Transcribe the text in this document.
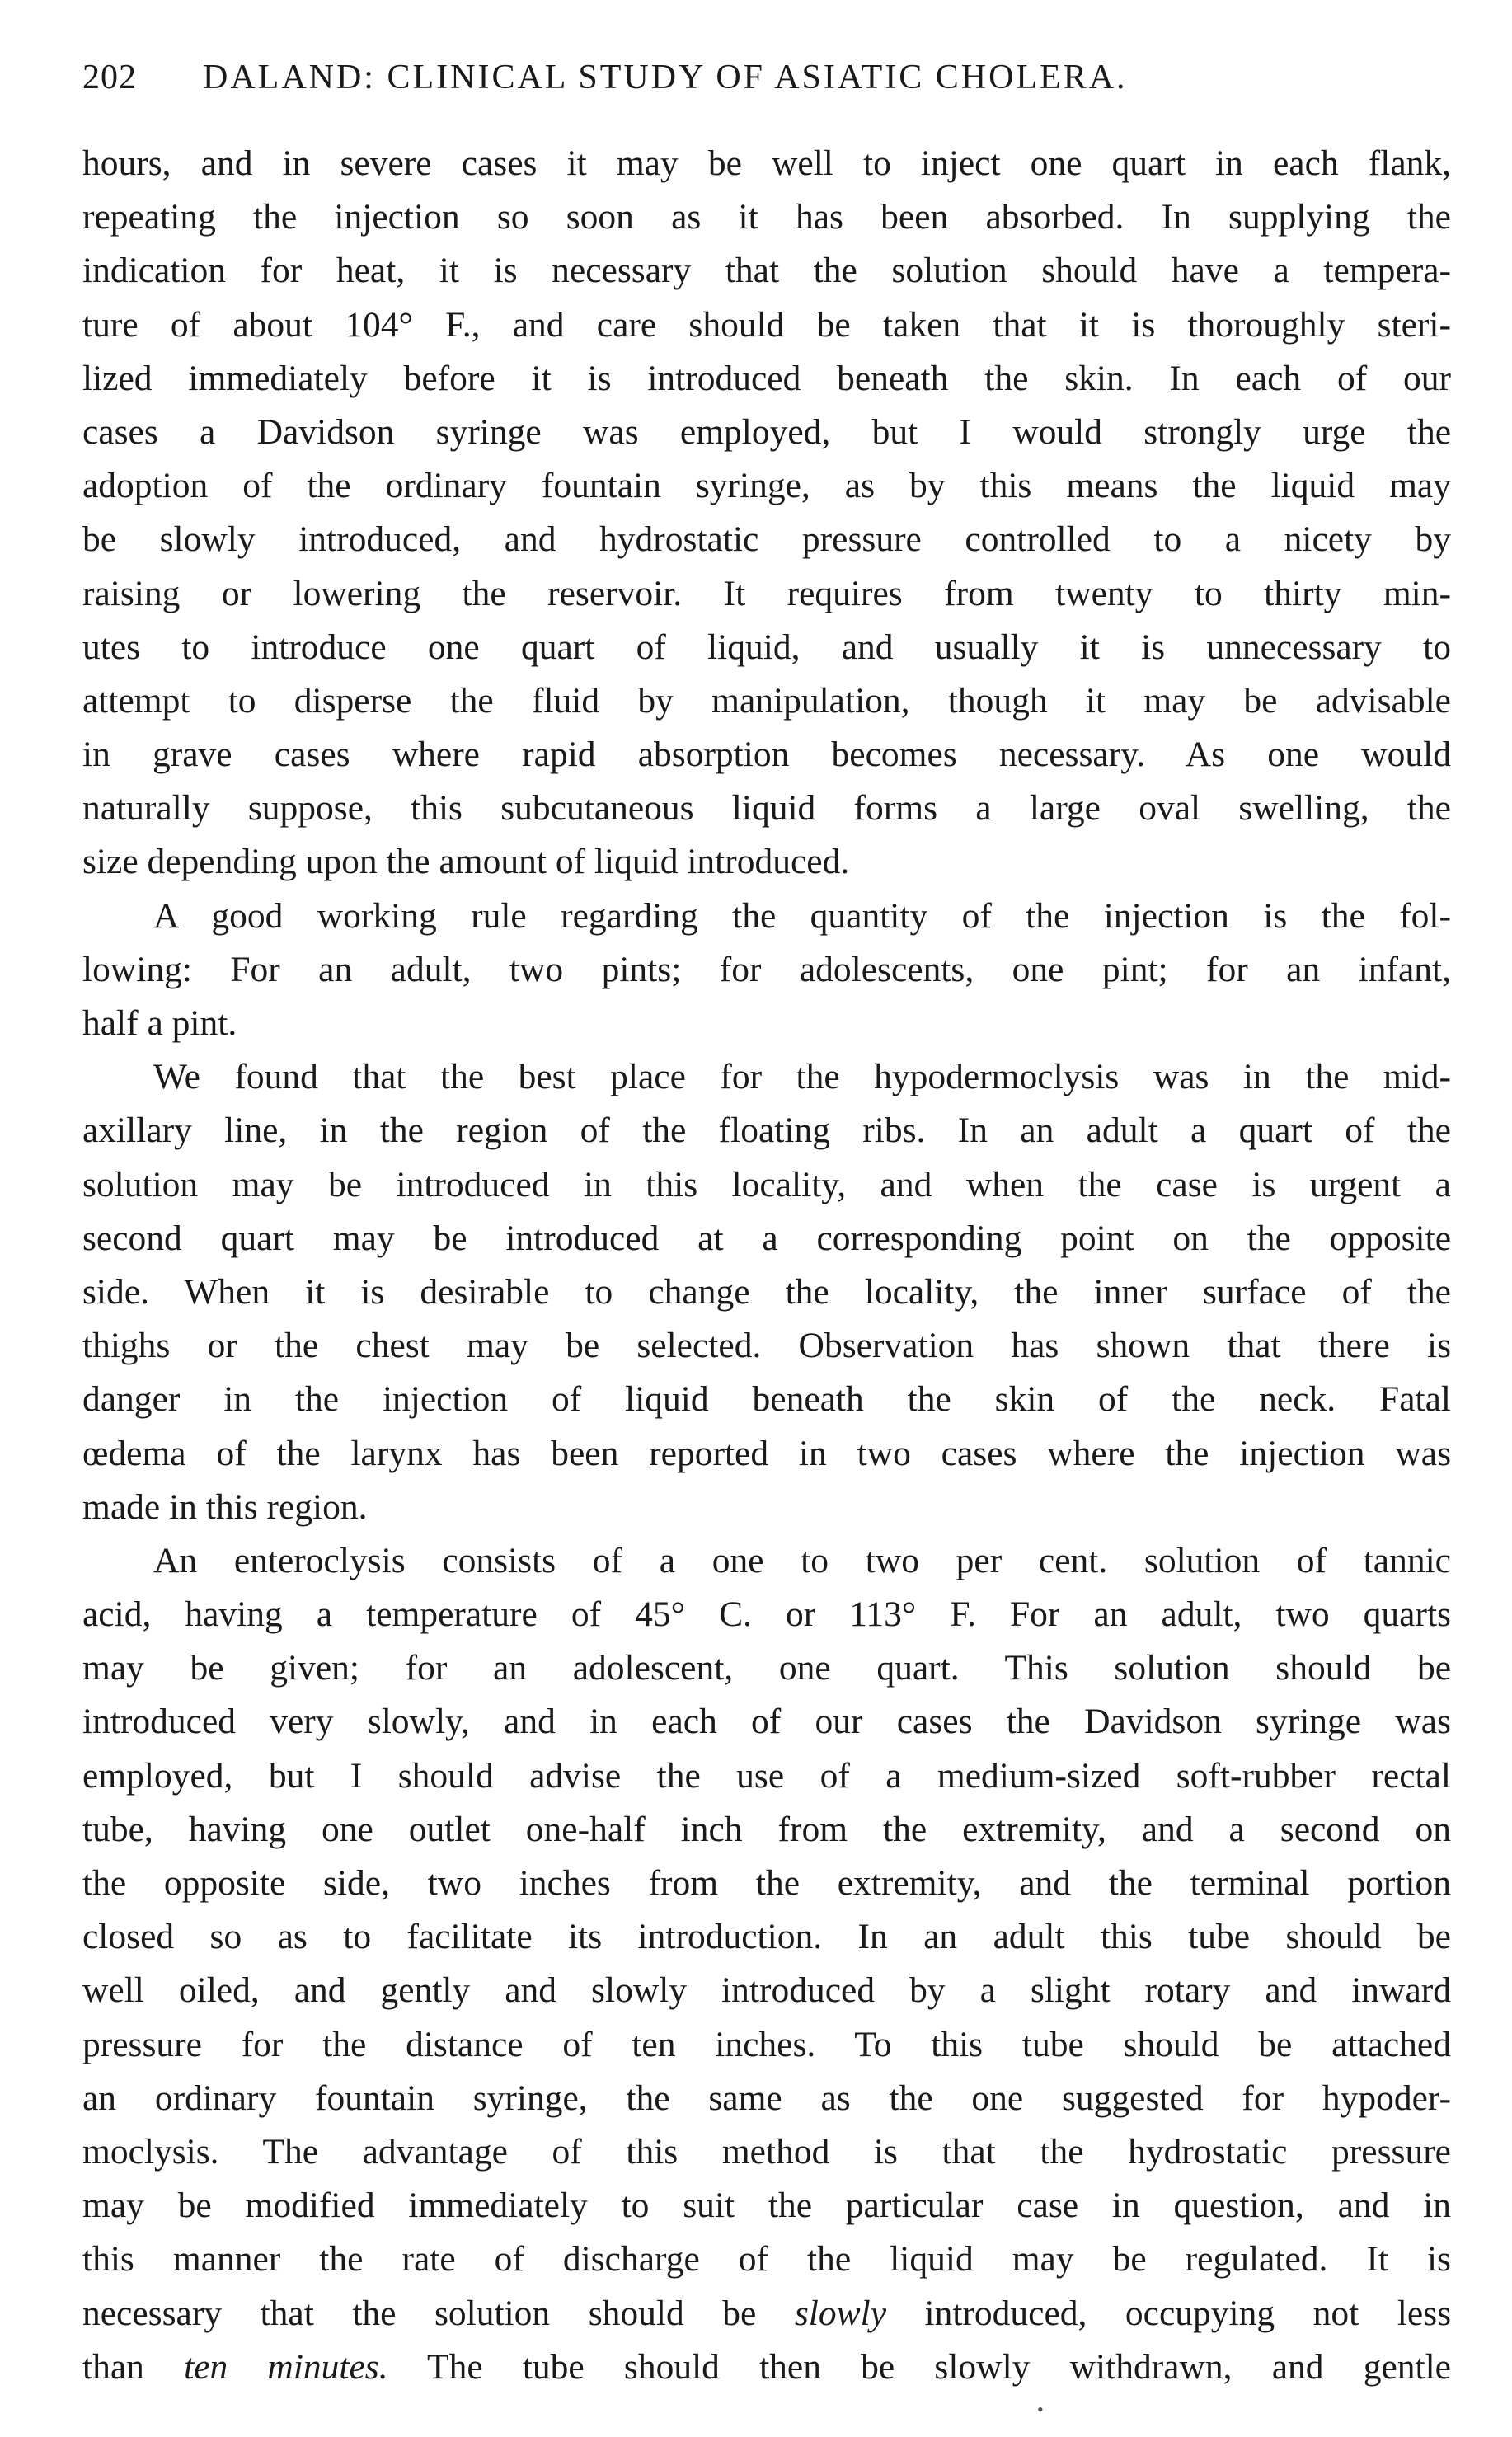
202 DALAND: CLINICAL STUDY OF ASIATIC CHOLERA.
hours, and in severe cases it may be well to inject one quart in each flank,
repeating the injection so soon as it has been absorbed. In supplying the
indication for heat, it is necessary that the solution should have a tempera-
ture of about 104° F., and care should be taken that it is thoroughly steri-
lized immediately before it is introduced beneath the skin. In each of our
cases a Davidson syringe was employed, but I would strongly urge the
adoption of the ordinary fountain syringe, as by this means the liquid may
be slowly introduced, and hydrostatic pressure controlled to a nicety by
raising or lowering the reservoir. It requires from twenty to thirty min-
utes to introduce one quart of liquid, and usually it is unnecessary to
attempt to disperse the fluid by manipulation, though it may be advisable
in grave cases where rapid absorption becomes necessary. As one would
naturally suppose, this subcutaneous liquid forms a large oval swelling, the
size depending upon the amount of liquid introduced.
A good working rule regarding the quantity of the injection is the fol-
lowing: For an adult, two pints; for adolescents, one pint; for an infant,
half a pint.
We found that the best place for the hypodermoclysis was in the mid-
axillary line, in the region of the floating ribs. In an adult a quart of the
solution may be introduced in this locality, and when the case is urgent a
second quart may be introduced at a corresponding point on the opposite
side. When it is desirable to change the locality, the inner surface of the
thighs or the chest may be selected. Observation has shown that there is
danger in the injection of liquid beneath the skin of the neck. Fatal
œdema of the larynx has been reported in two cases where the injection was
made in this region.
An enteroclysis consists of a one to two per cent. solution of tannic
acid, having a temperature of 45° C. or 113° F. For an adult, two quarts
may be given; for an adolescent, one quart. This solution should be
introduced very slowly, and in each of our cases the Davidson syringe was
employed, but I should advise the use of a medium-sized soft-rubber rectal
tube, having one outlet one-half inch from the extremity, and a second on
the opposite side, two inches from the extremity, and the terminal portion
closed so as to facilitate its introduction. In an adult this tube should be
well oiled, and gently and slowly introduced by a slight rotary and inward
pressure for the distance of ten inches. To this tube should be attached
an ordinary fountain syringe, the same as the one suggested for hypoder-
moclysis. The advantage of this method is that the hydrostatic pressure
may be modified immediately to suit the particular case in question, and in
this manner the rate of discharge of the liquid may be regulated. It is
necessary that the solution should be slowly introduced, occupying not less
than ten minutes. The tube should then be slowly withdrawn, and gentle
•
